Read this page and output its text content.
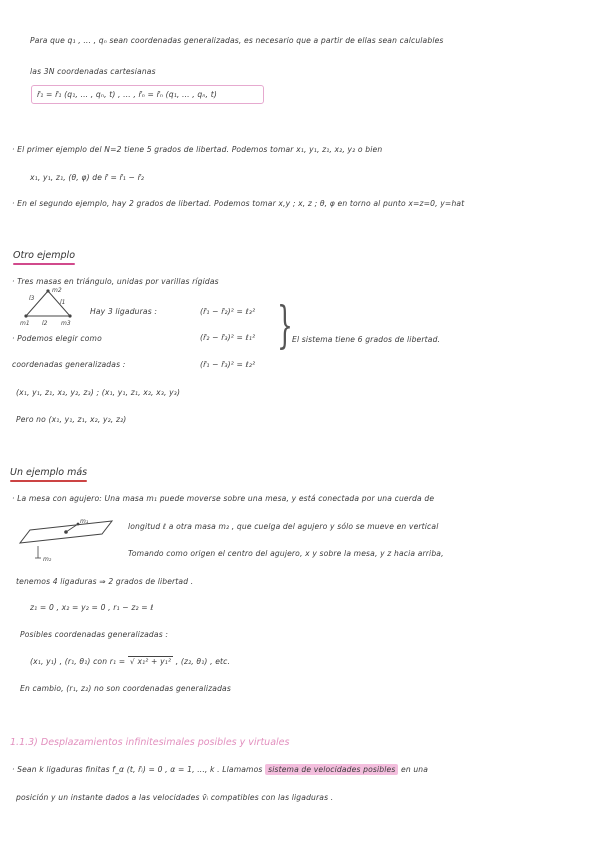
Para que q₁ , ... , qₙ sean coordenadas generalizadas, es necesario que a partir de ellas sean calculables
las 3N coordenadas cartesianas
r̄₁ = r̄₁ (q₁, ... , qₙ, t) , ... , r̄ₙ = r̄ₙ (q₁, ... , qₙ, t)
· El primer ejemplo del N=2 tiene 5 grados de libertad. Podemos tomar x₁, y₁, z₁, x₂, y₂ o bien
x₁, y₁, z₁, (θ, φ) de r̄ = r̄₁ − r̄₂
· En el segundo ejemplo, hay 2 grados de libertad. Podemos tomar x,y ; x, z ; θ, φ en torno al punto x=z=0, y=hat
Otro ejemplo
· Tres masas en triángulo, unidas por varillas rígidas
m2
l3
l1
m1 l2 m3
Hay 3 ligaduras :	(r̄₁ − r̄₂)² = ℓ₃²
· Podemos elegir como	(r̄₂ − r̄₃)² = ℓ₁²
coordenadas generalizadas :	(r̄₁ − r̄₃)² = ℓ₂²
} El sistema tiene 6 grados de libertad.
(x₁, y₁, z₁, x₂, y₂, z₃) ; (x₁, y₁, z₁, x₂, x₃, y₃)
Pero no (x₁, y₁, z₁, x₂, y₂, z₂)
Un ejemplo más
· La mesa con agujero: Una masa m₁ puede moverse sobre una mesa, y está conectada por una cuerda de
m₁
m₂
longitud ℓ a otra masa m₂ , que cuelga del agujero y sólo se mueve en vertical
Tomando como origen el centro del agujero, x y sobre la mesa, y z hacia arriba,
tenemos 4 ligaduras ⇒ 2 grados de libertad .
z₁ = 0 , x₂ = y₂ = 0 , r₁ − z₂ = ℓ
Posibles coordenadas generalizadas :
(x₁, y₁) , (r₁, θ₁) con r₁ = √ x₁² + y₁² , (z₂, θ₁) , etc.
En cambio, (r₁, z₂) no son coordenadas generalizadas
1.1.3) Desplazamientos infinitesimales posibles y virtuales
· Sean k ligaduras finitas f_α (t, r̄ᵢ) = 0 , α = 1, ..., k . Llamamos sistema de velocidades posibles en una
posición y un instante dados a las velocidades v̄ᵢ compatibles con las ligaduras .
